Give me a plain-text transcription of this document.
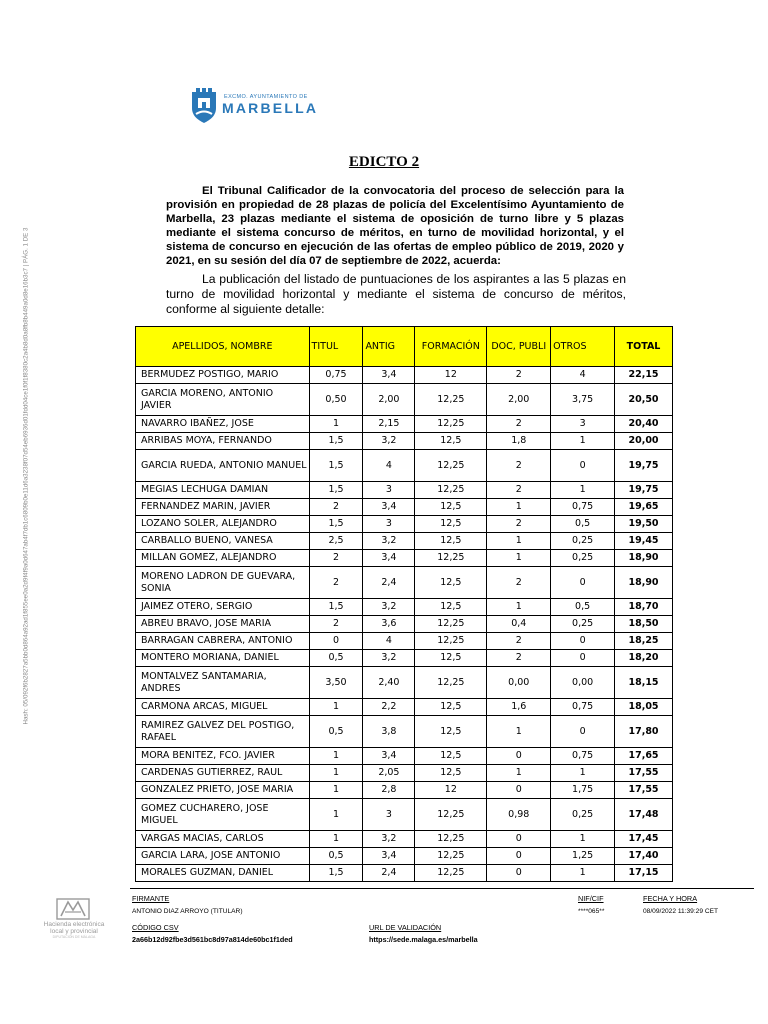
Hash: 05/092f6b2827a5bb0d864a92ad1f855ee0a2d9f4f9a0d647ab4f7db1c6809b0e11d6a3238f07d54eb6936d01fdd04ce1f0f1f8380c2a4b8d0a8fb8b449a0d8e16b3c7 | PÁG. 1 DE 3
EXCMO. AYUNTAMIENTO DE
MARBELLA
EDICTO 2

El Tribunal Calificador de la convocatoria del proceso de selección para la provisión en propiedad de 28 plazas de policía del Excelentísimo Ayuntamiento de Marbella, 23 plazas mediante el sistema de oposición de turno libre y 5 plazas mediante el sistema concurso de méritos, en turno de movilidad horizontal, y el sistema de concurso en ejecución de las ofertas de empleo público de 2019, 2020 y 2021, en su sesión del día 07 de septiembre de 2022, acuerda:

La publicación del listado de puntuaciones de los aspirantes a las 5 plazas en turno de movilidad horizontal y mediante el sistema de concurso de méritos, conforme al siguiente detalle:

APELLIDOS, NOMBRE	TITUL	ANTIG	FORMACIÓN	DOC, PUBLI	OTROS	TOTAL
BERMUDEZ POSTIGO, MARIO	0,75	3,4	12	2	4	22,15
GARCIA MORENO, ANTONIO JAVIER	0,50	2,00	12,25	2,00	3,75	20,50
NAVARRO IBAÑEZ, JOSE	1	2,15	12,25	2	3	20,40
ARRIBAS MOYA, FERNANDO	1,5	3,2	12,5	1,8	1	20,00
GARCIA RUEDA, ANTONIO MANUEL	1,5	4	12,25	2	0	19,75
MEGIAS LECHUGA DAMIAN	1,5	3	12,25	2	1	19,75
FERNANDEZ MARIN, JAVIER	2	3,4	12,5	1	0,75	19,65
LOZANO SOLER, ALEJANDRO	1,5	3	12,5	2	0,5	19,50
CARBALLO BUENO, VANESA	2,5	3,2	12,5	1	0,25	19,45
MILLAN GOMEZ, ALEJANDRO	2	3,4	12,25	1	0,25	18,90
MORENO LADRON DE GUEVARA, SONIA	2	2,4	12,5	2	0	18,90
JAIMEZ OTERO, SERGIO	1,5	3,2	12,5	1	0,5	18,70
ABREU BRAVO, JOSE MARIA	2	3,6	12,25	0,4	0,25	18,50
BARRAGAN CABRERA, ANTONIO	0	4	12,25	2	0	18,25
MONTERO MORIANA, DANIEL	0,5	3,2	12,5	2	0	18,20
MONTALVEZ SANTAMARIA, ANDRES	3,50	2,40	12,25	0,00	0,00	18,15
CARMONA ARCAS, MIGUEL	1	2,2	12,5	1,6	0,75	18,05
RAMIREZ GALVEZ DEL POSTIGO, RAFAEL	0,5	3,8	12,5	1	0	17,80
MORA BENITEZ, FCO. JAVIER	1	3,4	12,5	0	0,75	17,65
CARDENAS GUTIERREZ, RAUL	1	2,05	12,5	1	1	17,55
GONZALEZ PRIETO, JOSE MARIA	1	2,8	12	0	1,75	17,55
GOMEZ CUCHARERO, JOSE MIGUEL	1	3	12,25	0,98	0,25	17,48
VARGAS MACIAS, CARLOS	1	3,2	12,25	0	1	17,45
GARCIA LARA, JOSE ANTONIO	0,5	3,4	12,25	0	1,25	17,40
MORALES GUZMAN, DANIEL	1,5	2,4	12,25	0	1	17,15
Hacienda electrónica
local y provincial
DIPUTACIÓN DE MÁLAGA
FIRMANTE
ANTONIO DIAZ ARROYO (TITULAR)
NIF/CIF
****065**
FECHA Y HORA
08/09/2022 11:39:29 CET
CÓDIGO CSV
2a66b12d92fbe3d561bc8d97a814de60bc1f1ded
URL DE VALIDACIÓN
https://sede.malaga.es/marbella
